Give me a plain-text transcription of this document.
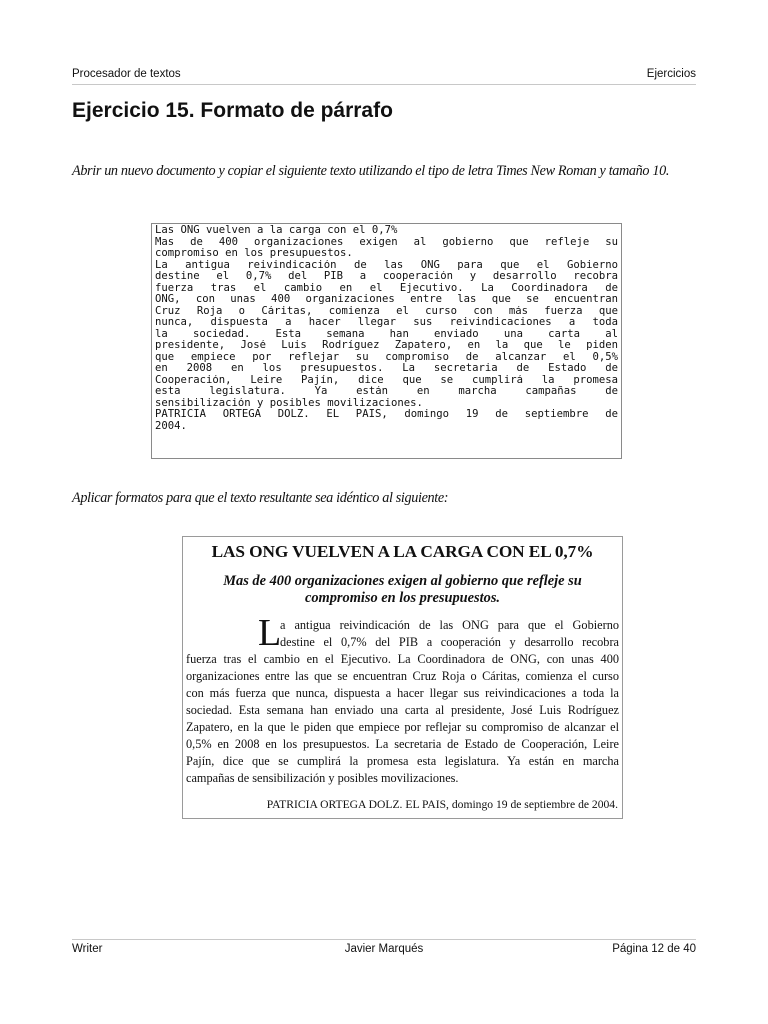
Procesador de textos	Ejercicios
Ejercicio 15. Formato de párrafo
Abrir un nuevo documento y copiar el siguiente texto utilizando el tipo de letra Times New Roman y tamaño 10.
Las ONG vuelven a la carga con el 0,7%
Mas de 400 organizaciones exigen al gobierno que refleje su
compromiso en los presupuestos.
La antigua reivindicación de las ONG para que el Gobierno
destine el 0,7% del PIB a cooperación y desarrollo recobra
fuerza tras el cambio en el Ejecutivo. La Coordinadora de
ONG, con unas 400 organizaciones entre las que se encuentran
Cruz Roja o Cáritas, comienza el curso con más fuerza que
nunca, dispuesta a hacer llegar sus reivindicaciones a toda
la sociedad. Esta semana han enviado una carta al
presidente, José Luis Rodríguez Zapatero, en la que le piden
que empiece por reflejar su compromiso de alcanzar el 0,5%
en 2008 en los presupuestos. La secretaria de Estado de
Cooperación, Leire Pajín, dice que se cumplirá la promesa
esta legislatura. Ya están en marcha campañas de
sensibilización y posibles movilizaciones.
PATRICIA ORTEGA DOLZ. EL PAÍS, domingo 19 de septiembre de
2004.
Aplicar formatos para que el texto resultante sea idéntico al siguiente:
LAS ONG VUELVEN A LA CARGA CON EL 0,7%
Mas de 400 organizaciones exigen al gobierno que refleje su
compromiso en los presupuestos.
L
a antigua reivindicación de las ONG para que el Gobierno
destine el 0,7% del PIB a cooperación y desarrollo recobra
fuerza tras el cambio en el Ejecutivo. La Coordinadora de ONG, con unas 400
organizaciones entre las que se encuentran Cruz Roja o Cáritas, comienza el curso
con más fuerza que nunca, dispuesta a hacer llegar sus reivindicaciones a toda la
sociedad. Esta semana han enviado una carta al presidente, José Luis Rodríguez
Zapatero, en la que le piden que empiece por reflejar su compromiso de alcanzar el
0,5% en 2008 en los presupuestos. La secretaria de Estado de Cooperación, Leire
Pajín, dice que se cumplirá la promesa esta legislatura. Ya están en marcha
campañas de sensibilización y posibles movilizaciones.
PATRICIA ORTEGA DOLZ. EL PAIS, domingo 19 de septiembre de 2004.
Writer	Javier Marqués	Página 12 de 40
